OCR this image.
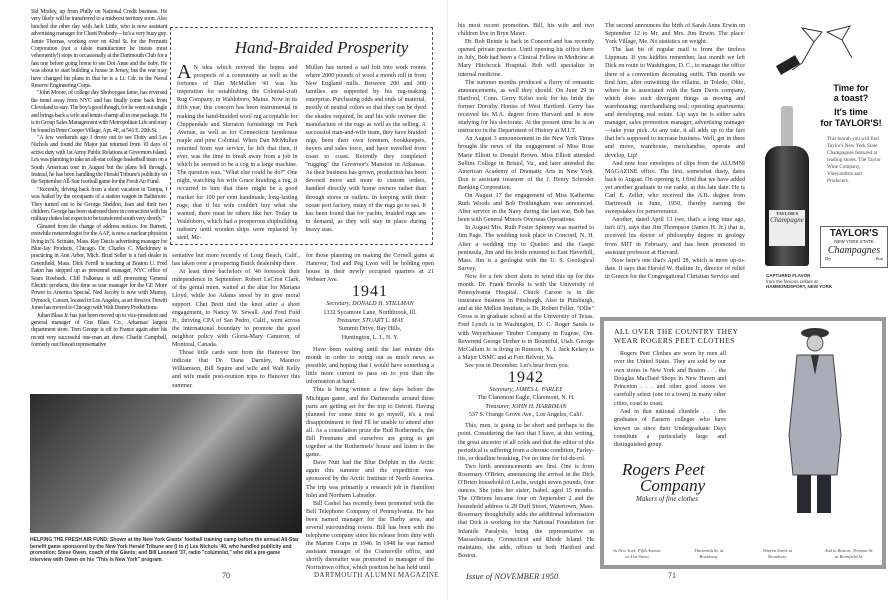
Sid Morley, up from Philly on National Credit business. He very likely will be transferred to a midwest territory soon. Also lunched the other day with Jack Little, who is now assistant advertising manager for Cluett Peabody—he's a very busy guy. Jamie Thomas, working over on 42nd St. for the Permutit Corporation (not a falsie manufacturer he insists most vehemently!) stops in occasionally at the Dartmouth Club for a fast one before going home to see Dot Anne and the baby. He was about to start building a house in Jersey, but the war may have changed his plans in that he is a Lt. Cdr. in the Naval Reserve Engineering Corps.

"John Moore, of college day Shoboygan fame, has reversed the trend away from NYC and has finally come back from Cleveland to stay. The boy's good though, for he went out single and brings back a wife and tennis champ all in one package. He is in Group Sales Management with Metropolitan Life and may be found in Peter Cooper Village, Apt. 4E, at 541 E. 20th St.

"A few weekends ago I drove out to see Dotty and Les Nichols and found the Major just returned from 10 days of active duty with 1st Army Public Relations at Governors Island. Les was planning to take an all-star college basketball team on a South American tour in August but the plans fell through. Instead, he has been handling the Herald Tribune's publicity on the September All-Star football game for the Fresh Air Fund.

"Recently, driving back from a short vacation in Tampa, I was hailed by the occupants of a station wagon in Baltimore. They turned out to be George Sheldon, Jean and their two children. George has been stationed there in connection with his military duties but expects to be transferred south very shortly."

Gleaned from the change of address notices: Joe Burnett, erstwhile meteorologist for the AAF, is now a nuclear physicist living in N. Scituate, Mass. Ray Dau is advertising manager for Blue-Jay Products, Chicago. Dr. Charles C. Mackinney is practicing in Ann Arbor, Mich. Brud Seller is a fuel dealer in Greenfield, Mass. Dick Ferrill is teaching at Boston U. Fred Eaton has stepped up as personnel manager, NYC office of Sears Roebuck. Cliff Falkenau is still promoting General Electric products, this time as tour manager for the GE More Power to America Special. Ned Jacoby is now with Murray, Dymock, Carson, located in Los Angeles, as art director. Dewitt Jones has moved to Chicago with Walt Disney Productions.

Julian Blass Jr. has just been moved up to vice-president and general manager of Gus Blass Co., Arkansas' largest department store. Tom George is off to France again after his recent very successful one-man art show. Charlie Campbell, formerly our Hawaii representative

Hand-Braided Prosperity
A N idea which revived the hopes and prospects of a community as well as the fortunes of Dan McMullen '41 was his inspiration for establishing the Colonial-craft Rug Company, in Waldoboro, Maine. Now in its fifth year, this concern has been instrumental in making the hand-braided wool rug acceptable for Chippendale and Sheraton furnishings on Park Avenue, as well as for Connecticut farmhouse maple and pine Colonial. When Dan McMullen returned from war service, he felt that then, if ever, was the time to break away from a job in which he seemed to be a cog in a large machine. The question was, "What else could he do?" One night, watching his wife Grace braiding a rug, it occurred to him that there might be a good market for 100 per cent handmade, long-lasting rugs; that if his wife couldn't buy what she wanted, there must be others like her. Today in Waldoboro, which had a prosperous shipbuilding industry until wooden ships were replaced by steel, Mc-
Mullen has turned a sail loft into work rooms where 2000 pounds of wool a month roll in from New England mills. Between 200 and 300 families are supported by his rug-making enterprise. Purchasing odds and ends of material, mostly of neutral colors so that they can be dyed the shades required, he and his wife oversee the manufacture of the rugs as well as the selling. A successful man-and-wife team, they have braided rugs, been their own foremen, bookkeepers, buyers and sales force, and have travelled from coast to coast. Recently they completed "rugging" the Governor's Mansion in Arkansas. As their business has grown, production has been devoted more and more to custom orders, handled directly with home owners rather than through stores or outlets. In keeping with their ocean port factory, many of the rugs go to sea. It has been found that for yachts, braided rugs are in demand, as they will stay in place during heavy seas.

sentative but more recently of Long Beach, Calif., has taken over a prospering Buick dealership there.

At least three bachelors of '40 foresook their independence in September: Robert LeCron Clark, of the genial mien, waited at the altar for Mariana Lloyd, while Joe Adams stood by to give moral support. Chet Brett tied the knot after a short engagement, to Nancy W. Sewall. And Fred Fuld Jr., thriving CPA of San Pedro, Calif., went across the international boundary to promote the good neighbor policy with Gloria-Mary Cameron, of Montreal, Canada.

Those little cards sent from the Hanover Inn indicate that Dr. Dana Darnley, Maurice Williamson, Bill Squire and wife and Walt Kelly and wife made post-reunion trips to Hanover this summer.

for those planning on making the Cornell game at Hanover, Tod and Peg Lyon will be holding open house in their newly occupied quarters at 21 Webster Ave.

1941
Secretary, DONALD H. STILLMAN
1332 Sycamore Lane, Northbrook, Ill.
Treasurer, STUART L. MAY
Summit Drive, Bay Hills,
Huntington, L. I., N. Y.

Have been waiting until the last minute this month in order to wring out as much news as possible, and hoping that I would have something a little more current to pass on to you than the information at hand.

This is being written a few days before the Michigan game, and the Dartmouths around these parts are getting set for the trip to Detroit. Having planned for some time to go myself, it's a real disappointment to find I'll be unable to attend after all. As a consolation prize the Bud Rothermels, the Bill Freemans and ourselves are going to get together at the Rothermels' house and listen to the game.

Dave Nutt had the Blue Dolphin in the Arctic again this summer and the expedition was sponsored by the Arctic Institute of North America. The trip was primarily a research job in Hamilton Inlet and Northern Labrador.

Bill Cashel has recently been promoted with the Bell Telephone Company of Pennsylvania. He has been named manager for the Darby area, and several surrounding towns. Bill has been with the telephone company since his release from duty with the Marine Corps in 1946. In 1948 he was named assistant manager of the Coatesville office, and shortly thereafter was promoted to manager of the Norristown office, which position he has held until

HELPING THE FRESH AIR FUND: Shown at the New York Giants' football training camp before the annual All-Star benefit game sponsored by the New York Herald Tribune are (l to r) Les Nichols '40, who handled publicity and promotion; Steve Owen, coach of the Giants; and Bill Leonard '37, radio "columnist," who did a pre-game interview with Owen on his "This Is New York" program.
70	DARTMOUTH ALUMNI MAGAZINE

his most recent promotion. Bill, his wife and two children live in Bryn Mawr.

Dr. Bob Reinie is back in Concord and has recently opened private practice. Until opening his office there in July, Bob had been a Clinical Fellow in Medicine at Mary Hitchcock Hospital. Bob will specialize in internal medicine.

The summer months produced a flurry of romantic announcements, as well they should. On June 29 in Hartford, Conn. Gerry Kelso took for his bride the former Dorothy Honiss of West Hartford. Gerry has received his M.A. degree from Harvard and is now studying for his doctorate. At the present time he is an instructor in the Department of History at M.I.T.

An August 3 announcement in the New York Times brought the news of the engagement of Miss Rose Marie Elliott to Donald Brown. Miss Elliott attended Sullins College in Bristol, Va., and later attended the American Academy of Dramatic Arts in New York. Don is assistant treasurer of the J. Henry Schroder Banking Corporation.

On August 17 the engagement of Miss Katherine Ruth Woods and Bob Frothingham was announced. After service in the Navy during the last war, Bob has been with General Motors Overseas Operations.

In August Mrs. Ruth Foster Spinney was married to Jim Page. The wedding took place in Concord, N. H. After a wedding trip to Quebec and the Gaspé peninsula, Jim and his bride returned to East Haverhill, Mass. Jim is a geologist with the U. S. Geological Survey.

Now for a few short shots to wind this up for this month. Dr. Frank Brooks is with the University of Pennsylvania Hospital. Chuck Carson is in the insurance business in Pittsburgh. Also in Pittsburgh, and at the Mellon Institute, is Dr. Robert Feller. "Ollie" Gross is in graduate school at the University of Texas. Fred Lynch is in Washington, D. C. Roger Sands is with Weyerhauser Timber Company in Eugene, Ore. Reverend George Dreher is in Bountiful, Utah. George McCallum Jr. is living in Rumson, N. J. Jack Kelsey is a Major USMC and at Fort Belvoir, Va.

See you in December. Let's hear from you.

1942
Secretary, JAMES L. FARLEY
The Claremont Eagle, Claremont, N. H.
Treasurer, JOHN H. HARRIMAN
537 S. Orange Grove Ave., Los Angeles, Calif.

This, men, is going to be short and perhaps to the point. Considering the fact that I have, at this writing, the great ancestor of all colds and that the editor of this periodical is suffering from a chronic condition, Farley-itis, or deadline breaking, I've no time for fol-de-rol.

Two birth announcements are first. One is from Rosemary O'Brien, announcing the arrival in the Dick O'Brien household of Leslie, weight seven pounds, four ounces. She joins her sister, Isabel, aged 15 months. The O'Briens became four on September 2 and the household address is 28 Duff Street, Watertown, Mass. Rosemary thoughtfully adds the additional information that Dick is working for the National Foundation for Infantile Paralysis, being the representative in Massachusetts, Connecticut and Rhode Island. He maintains, she adds, offices in both Hartford and Boston.

The second announces the birth of Sarah Anne Erwin on September 12 to Mr. and Mrs. Jim Erwin. The place: York Village, Me. No statistics on weight.

The last bit of regular mail is from the tireless Lippman. If you kiddies remember, last month we left Dick en route to Washington, D. C., to manage the office there of a convention decorating outfit. This month we find him, after outwitting the villains, in Toledo, Ohio, where he is associated with the Sam Davis company, which does such divergent things as moving and warehousing; merchandising real; operating apartments; and developing real estate. Lip says he is either sales manager, sales promotion manager, advertising manager—take your pick. At any rate, it all adds up to the fact that he's supposed to increase business. Well, get in there and move, warehouse, merchandise, operate and develop, Lip!

And now four envelopes of clips from the ALUMNI MAGAZINE office. The first, somewhat dusty, dates back to August. On opening it, I find that we have added yet another graduate to our ranks, at this late date. He is Carl E. Zeller, who received the A.B. degree from Dartmouth in June, 1950, thereby earning the sweepstakes for perseverance.

Another, dated April 13 (we, that's a long time ago, isn't it?), says that Jim Thompson (James H. Jr.) that is, received his doctor of philosophy degree in geology from MIT in February, and has been promoted to assistant professor at Harvard.

Now here's one that's April 28, which is more up-to-date. It says that Harold W. Hatline Jr., director of relief in Greece for the Congregational Christian Service and

Time for
a toast?
It's time
for TAYLOR'S!
This month you will find Taylor's New York State Champagnes featured at leading stores. The Taylor Wine Company, Vineyardists and Producers.
TAYLOR'S
Champagne
TAYLOR'S
NEW YORK STATE
Champagnes
Dry	Brut
CAPTURED FLAVOR
from the famous cellars at
HAMMONDSPORT, NEW YORK
ALL OVER THE COUNTRY THEY
WEAR ROGERS PEET CLOTHES

Rogers Peet Clothes are worn by men all over the United States. They are sold by our own stores in New York and Boston . . . the Douglas MacDaid Shops in New Haven and Princeton . . . and other good stores we carefully select (one to a town) in many other cities, coast to coast.

And in that national clientele . . . the graduates of Eastern colleges who have known us since their Undergraduate Days constitute a particularly large and distinguished group.

Rogers Peet
Company
Makers of fine clothes
In New York: Fifth Avenue at 41st Street
Thirteenth St. at Broadway
Warren Street at Broadway
And in Boston: Tremont St. at Bromfield St.
Issue of NOVEMBER 1950	71
